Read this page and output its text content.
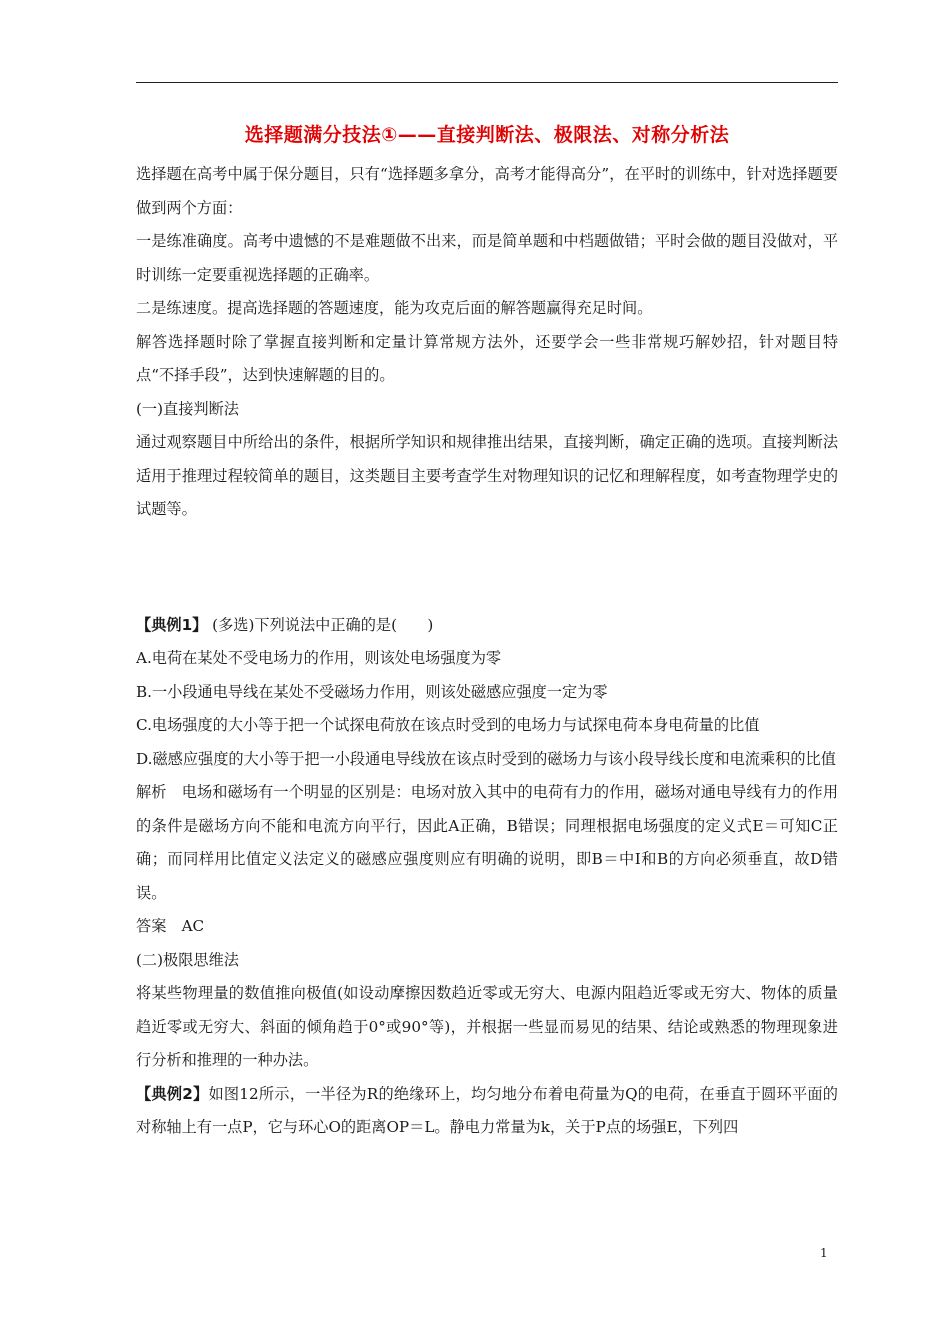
选择题满分技法①——直接判断法、极限法、对称分析法

选择题在高考中属于保分题目，只有“选择题多拿分，高考才能得高分”，在平时的训练中，针对选择题要做到两个方面：

一是练准确度。高考中遗憾的不是难题做不出来，而是简单题和中档题做错；平时会做的题目没做对，平时训练一定要重视选择题的正确率。

二是练速度。提高选择题的答题速度，能为攻克后面的解答题赢得充足时间。

解答选择题时除了掌握直接判断和定量计算常规方法外，还要学会一些非常规巧解妙招，针对题目特点“不择手段”，达到快速解题的目的。

(一)直接判断法

通过观察题目中所给出的条件，根据所学知识和规律推出结果，直接判断，确定正确的选项。直接判断法适用于推理过程较简单的题目，这类题目主要考查学生对物理知识的记忆和理解程度，如考查物理学史的试题等。

【典例1】 (多选)下列说法中正确的是(　　)

A.电荷在某处不受电场力的作用，则该处电场强度为零

B.一小段通电导线在某处不受磁场力作用，则该处磁感应强度一定为零

C.电场强度的大小等于把一个试探电荷放在该点时受到的电场力与试探电荷本身电荷量的比值

D.磁感应强度的大小等于把一小段通电导线放在该点时受到的磁场力与该小段导线长度和电流乘积的比值

解析　电场和磁场有一个明显的区别是：电场对放入其中的电荷有力的作用，磁场对通电导线有力的作用的条件是磁场方向不能和电流方向平行，因此A正确，B错误；同理根据电场强度的定义式E＝可知C正确；而同样用比值定义法定义的磁感应强度则应有明确的说明，即B＝中I和B的方向必须垂直，故D错误。

答案　AC

(二)极限思维法

将某些物理量的数值推向极值(如设动摩擦因数趋近零或无穷大、电源内阻趋近零或无穷大、物体的质量趋近零或无穷大、斜面的倾角趋于0°或90°等)，并根据一些显而易见的结果、结论或熟悉的物理现象进行分析和推理的一种办法。

【典例2】如图12所示，一半径为R的绝缘环上，均匀地分布着电荷量为Q的电荷，在垂直于圆环平面的对称轴上有一点P，它与环心O的距离OP＝L。静电力常量为k，关于P点的场强E，下列四

1
